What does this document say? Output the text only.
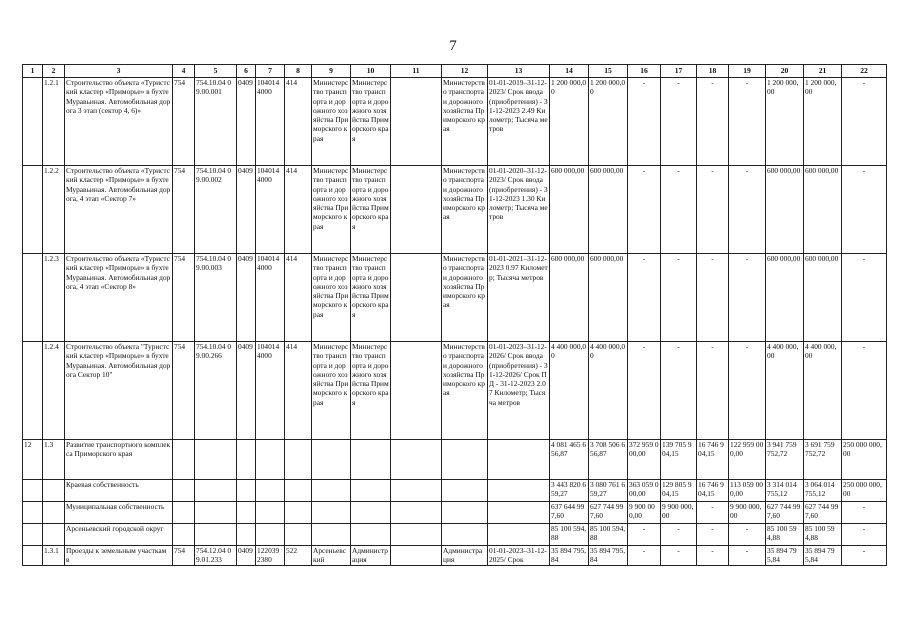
7
1	2	3	4	5	6	7	8	9	10	11	12	13	14	15	16	17	18	19	20	21	22
	1.2.1	Строительство объекта «Туристский кластер «Приморье» в бухте Муравьиная. Автомобильная дорога 3 этап (сектор 4, 6)»	754	754.10.04 09.00.001	0409	104014 4000	414	Министерство транспорта и дорожного хозяйства Приморского края	Министерство транспорта и дорожного хозяйства Приморского края		Министерство транспорта и дорожного хозяйства Приморского края	01-01-2019–31-12-2023/ Срок ввода (приобретения) - 31-12-2023 2.49 Километр; Тысяча метров	1 200 000,00	1 200 000,00	-	-	-	-	1 200 000,00	1 200 000,00	-
	1.2.2	Строительство объекта «Туристский кластер «Приморье» в бухте Муравьиная. Автомобильная дорога, 4 этап «Сектор 7»	754	754.10.04 09.00.002	0409	104014 4000	414	Министерство транспорта и дорожного хозяйства Приморского края	Министерство транспорта и дорожного хозяйства Приморского края		Министерство транспорта и дорожного хозяйства Приморского края	01-01-2020–31-12-2023/ Срок ввода (приобретения) - 31-12-2023 1.30 Километр; Тысяча метров	600 000,00	600 000,00	-	-	-	-	600 000,00	600 000,00	-
	1.2.3	Строительство объекта «Туристский кластер «Приморье» в бухте Муравьиная. Автомобильная дорога, 4 этап «Сектор 8»	754	754.10.04 09.00.003	0409	104014 4000	414	Министерство транспорта и дорожного хозяйства Приморского края	Министерство транспорта и дорожного хозяйства Приморского края		Министерство транспорта и дорожного хозяйства Приморского края	01-01-2021–31-12-2023 0.97 Километр; Тысяча метров	600 000,00	600 000,00	-	-	-	-	600 000,00	600 000,00	-
	1.2.4	Строительство объекта "Туристский кластер «Приморье» в бухте Муравьиная. Автомобильная дорога Сектор 10"	754	754.10.04 09.00.266	0409	104014 4000	414	Министерство транспорта и дорожного хозяйства Приморского края	Министерство транспорта и дорожного хозяйства Приморского края		Министерство транспорта и дорожного хозяйства Приморского края	01-01-2023–31-12-2026/ Срок ввода (приобретения) - 31-12-2026/ Срок ПД - 31-12-2023 2.07 Километр; Тысяча метров	4 400 000,00	4 400 000,00	-	-	-	-	4 400 000,00	4 400 000,00	-
12	1.3	Развитие транспортного комплекса Приморского края											4 081 465 656,87	3 708 506 656,87	372 959 000,00	139 705 904,15	16 746 904,15	122 959 000,00	3 941 759 752,72	3 691 759 752,72	250 000 000,00
		Краевая собственность											3 443 820 659,27	3 080 761 659,27	363 059 000,00	129 805 904,15	16 746 904,15	113 059 000,00	3 314 014 755,12	3 064 014 755,12	250 000 000,00
		Муниципальная собственность											637 644 997,60	627 744 997,60	9 900 000,00	9 900 000,00	-	9 900 000,00	627 744 997,60	627 744 997,60	-
		Арсеньевский городской округ											85 100 594,88	85 100 594,88	-	-	-	-	85 100 594,88	85 100 594,88	-
	1.3.1	Проезды к земельным участкам в	754	754.12.04 09.01.233	0409	122039 2380	522	Арсеньевский	Администрация		Администрация	01-01-2023–31-12-2025/ Срок	35 894 795,84	35 894 795,84	-	-	-	-	35 894 795,84	35 894 795,84	-
